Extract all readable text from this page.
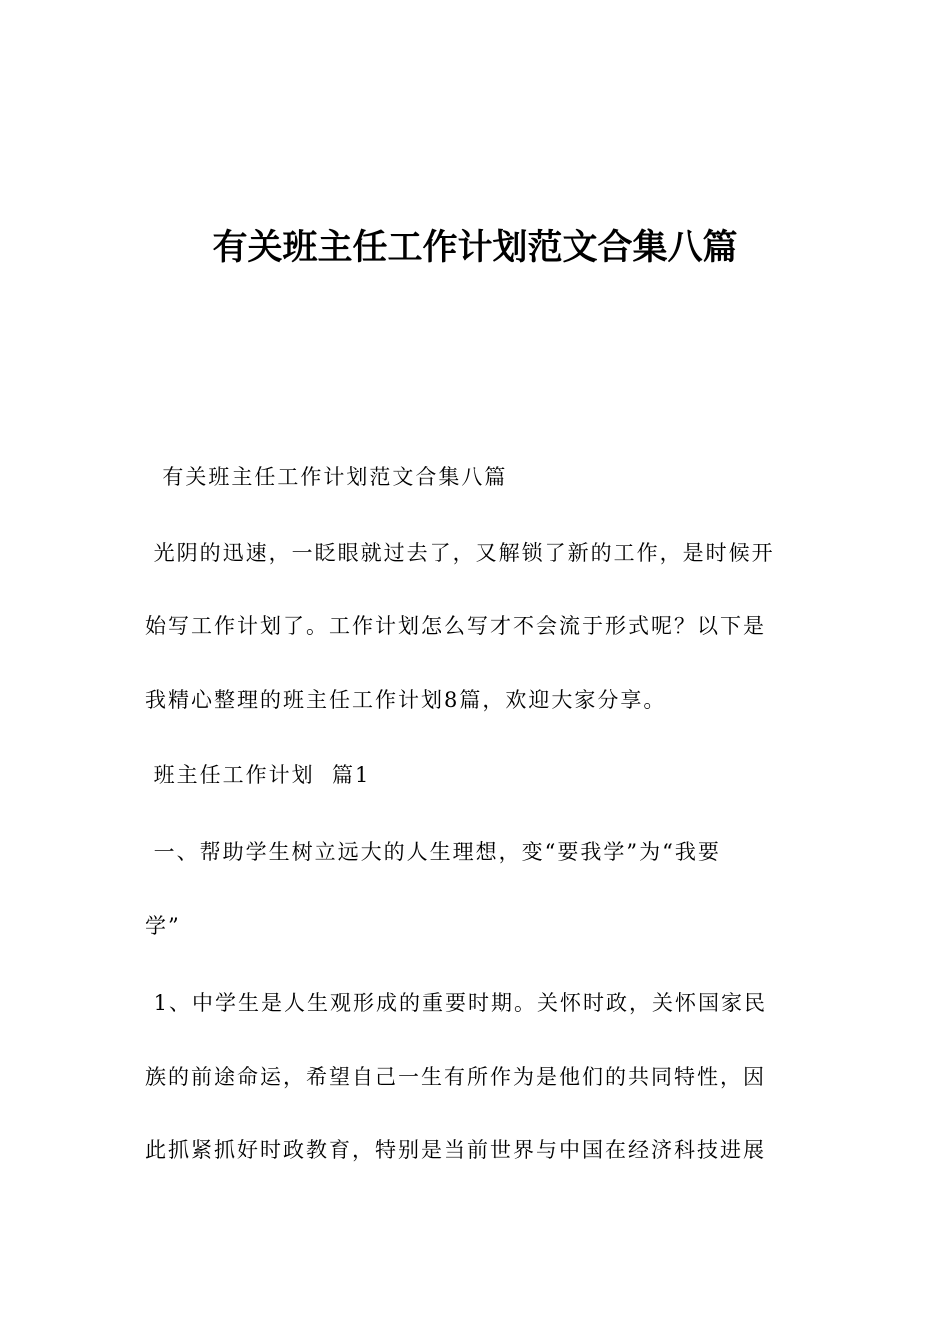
有关班主任工作计划范文合集八篇

有关班主任工作计划范文合集八篇

光阴的迅速，一眨眼就过去了，又解锁了新的工作，是时候开

始写工作计划了。工作计划怎么写才不会流于形式呢？以下是

我精心整理的班主任工作计划8篇，欢迎大家分享。

班主任工作计划  篇1

一、帮助学生树立远大的人生理想，变“要我学”为“我要

学”

1、中学生是人生观形成的重要时期。关怀时政，关怀国家民

族的前途命运，希望自己一生有所作为是他们的共同特性，因

此抓紧抓好时政教育，特别是当前世界与中国在经济科技进展
